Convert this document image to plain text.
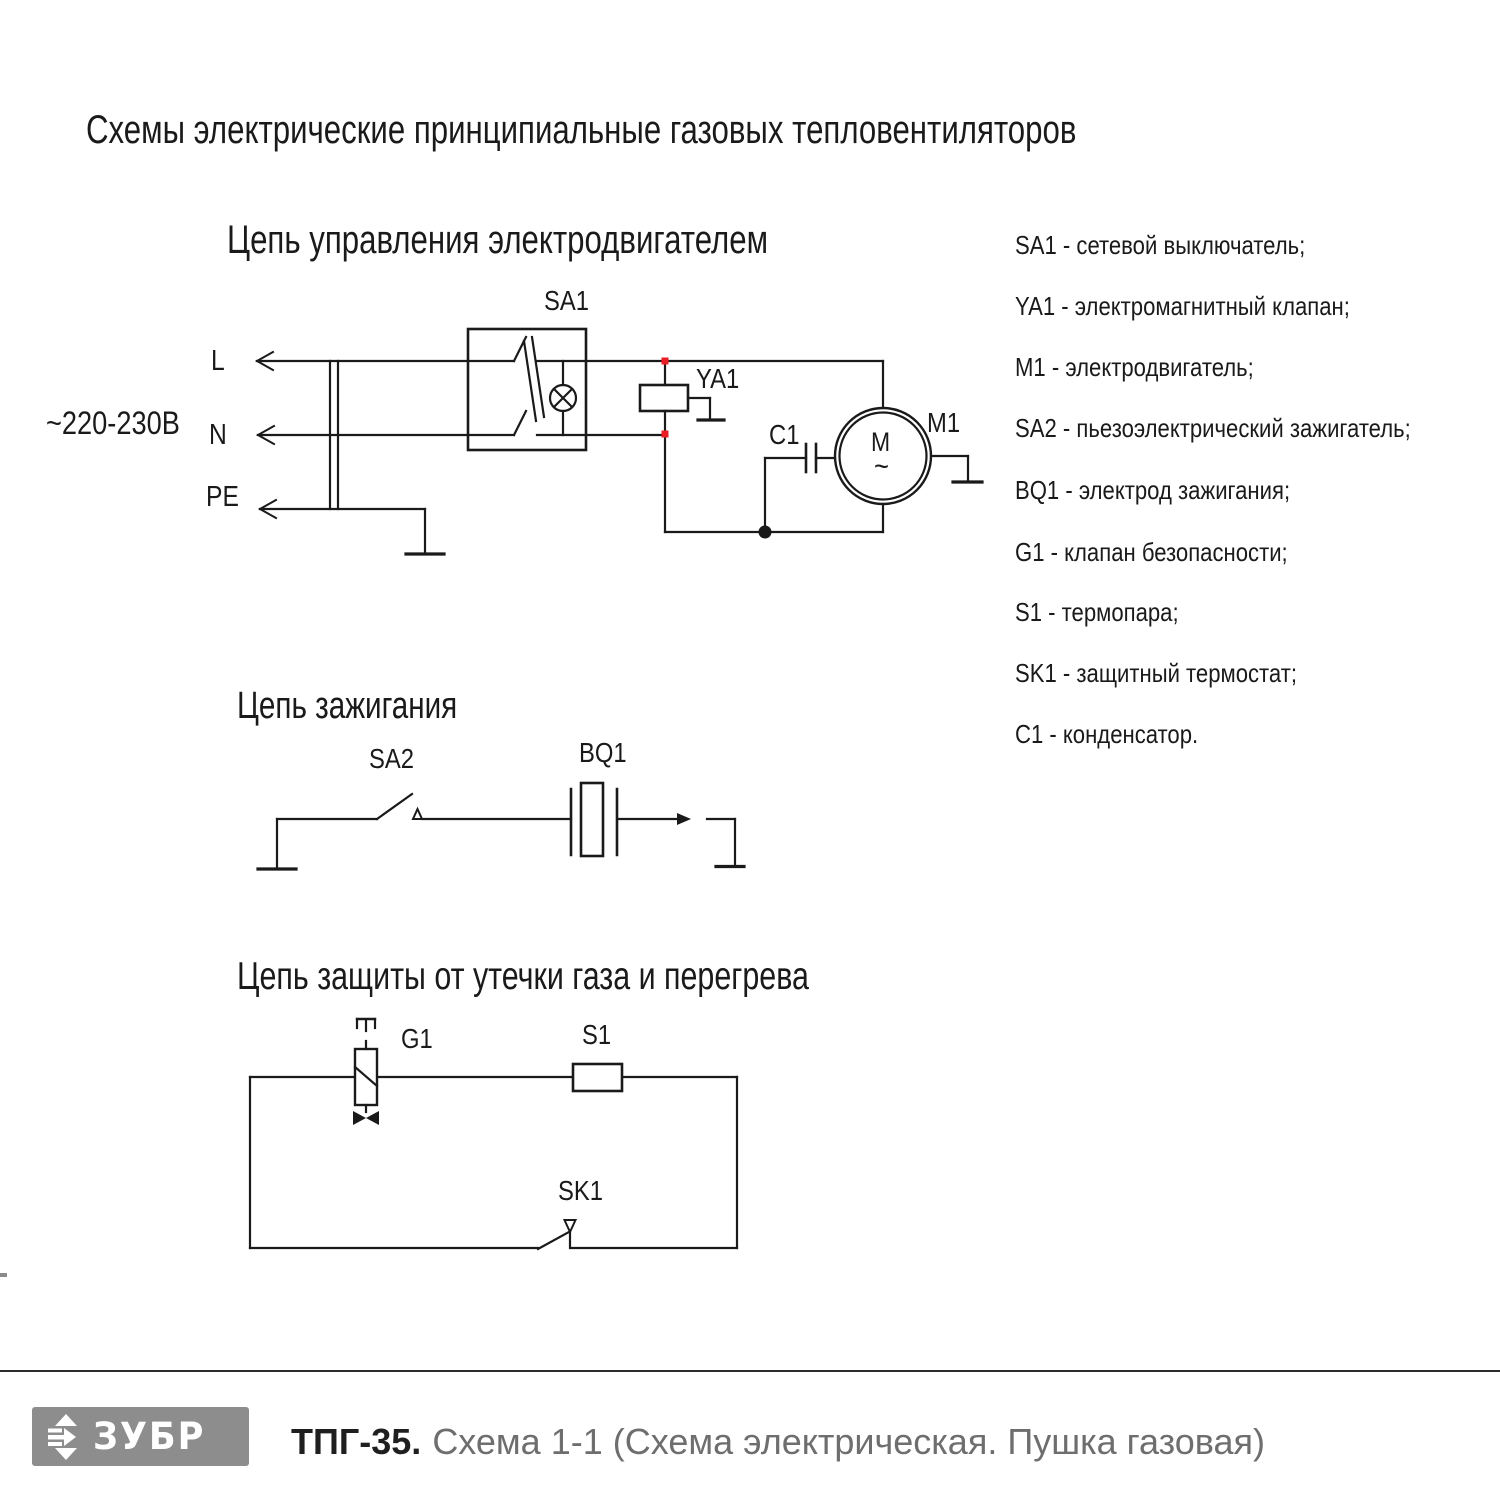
Схемы электрические принципиальные газовых тепловентиляторов
Цепь управления электродвигателем
Цепь зажигания
Цепь защиты от утечки газа и перегрева
SA1
YA1
C1	M1
M
~
~220-230В
L
N
PE
SA2	BQ1
G1	S1
SK1
SA1 - сетевой выключатель;
YA1 - электромагнитный клапан;
M1 - электродвигатель;
SA2 - пьезоэлектрический зажигатель;
BQ1 - электрод зажигания;
G1 - клапан безопасности;
S1 - термопара;
SK1 - защитный термостат;
C1 - конденсатор.
ЗУБР ТПГ-35. Схема 1-1 (Схема электрическая. Пушка газовая)
